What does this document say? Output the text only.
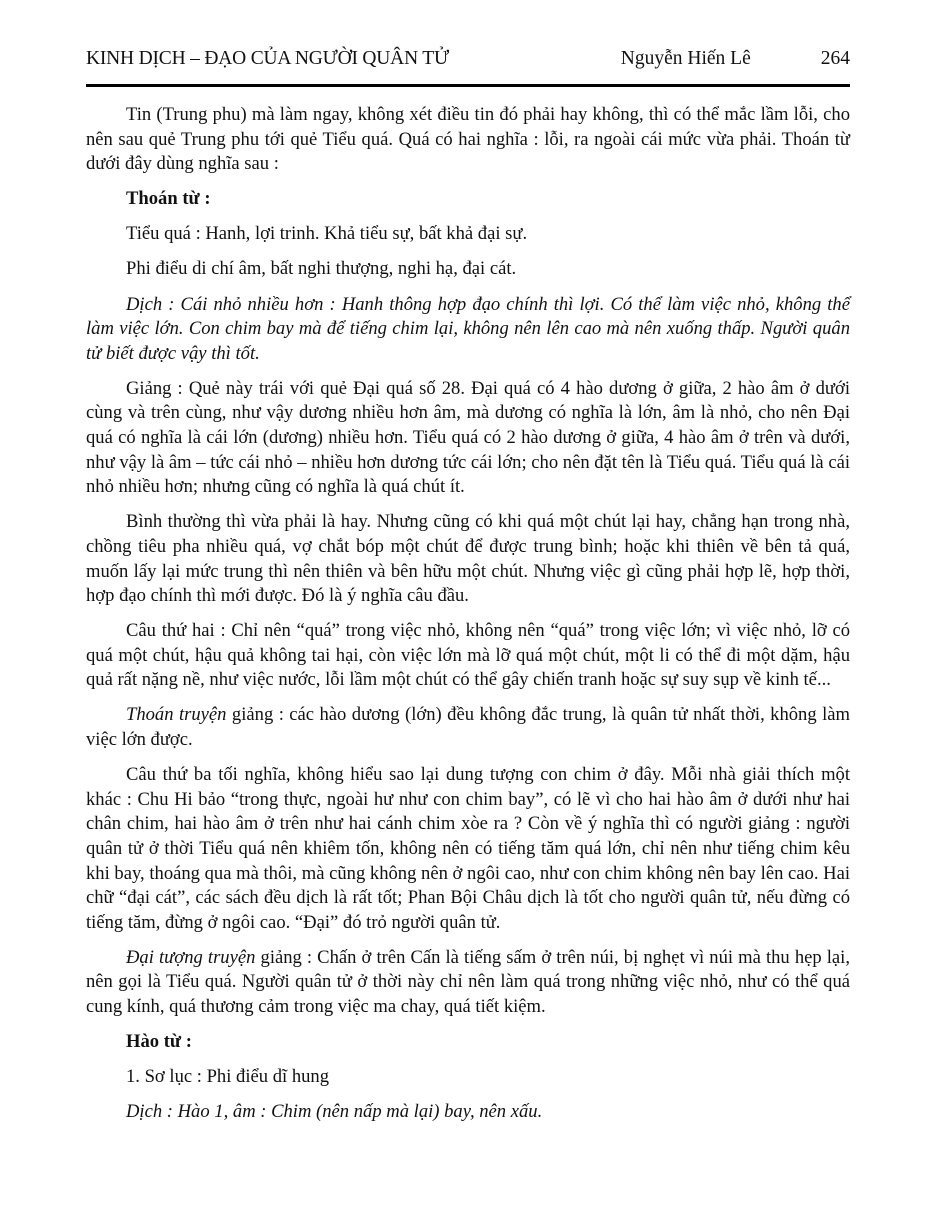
KINH DỊCH – ĐẠO CỦA NGƯỜI QUÂN TỬ	Nguyễn Hiến Lê	264

Tin (Trung phu) mà làm ngay, không xét điều tin đó phải hay không, thì có thể mắc lầm lỗi, cho nên sau quẻ Trung phu tới quẻ Tiểu quá. Quá có hai nghĩa : lỗi, ra ngoài cái mức vừa phải. Thoán từ dưới đây dùng nghĩa sau :

Thoán từ :

Tiểu quá : Hanh, lợi trinh. Khả tiểu sự, bất khả đại sự.

Phi điểu di chí âm, bất nghi thượng, nghi hạ, đại cát.

Dịch : Cái nhỏ nhiều hơn : Hanh thông hợp đạo chính thì lợi. Có thể làm việc nhỏ, không thể làm việc lớn. Con chim bay mà để tiếng chim lại, không nên lên cao mà nên xuống thấp. Người quân tử biết được vậy thì tốt.

Giảng : Quẻ này trái với quẻ Đại quá số 28. Đại quá có 4 hào dương ở giữa, 2 hào âm ở dưới cùng và trên cùng, như vậy dương nhiều hơn âm, mà dương có nghĩa là lớn, âm là nhỏ, cho nên Đại quá có nghĩa là cái lớn (dương) nhiều hơn. Tiểu quá có 2 hào dương ở giữa, 4 hào âm ở trên và dưới, như vậy là âm – tức cái nhỏ – nhiều hơn dương tức cái lớn; cho nên đặt tên là Tiểu quá. Tiểu quá là cái nhỏ nhiều hơn; nhưng cũng có nghĩa là quá chút ít.

Bình thường thì vừa phải là hay. Nhưng cũng có khi quá một chút lại hay, chẳng hạn trong nhà, chồng tiêu pha nhiều quá, vợ chắt bóp một chút để được trung bình; hoặc khi thiên về bên tả quá, muốn lấy lại mức trung thì nên thiên và bên hữu một chút. Nhưng việc gì cũng phải hợp lẽ, hợp thời, hợp đạo chính thì mới được. Đó là ý nghĩa câu đầu.

Câu thứ hai : Chỉ nên “quá” trong việc nhỏ, không nên “quá” trong việc lớn; vì việc nhỏ, lỡ có quá một chút, hậu quả không tai hại, còn việc lớn mà lỡ quá một chút, một li có thể đi một dặm, hậu quả rất nặng nề, như việc nước, lỗi lầm một chút có thể gây chiến tranh hoặc sự suy sụp về kinh tế...

Thoán truyện giảng : các hào dương (lớn) đều không đắc trung, là quân tử nhất thời, không làm việc lớn được.

Câu thứ ba tối nghĩa, không hiểu sao lại dung tượng con chim ở đây. Mỗi nhà giải thích một khác : Chu Hi bảo “trong thực, ngoài hư như con chim bay”, có lẽ vì cho hai hào âm ở dưới như hai chân chim, hai hào âm ở trên như hai cánh chim xòe ra ? Còn về ý nghĩa thì có người giảng : người quân tử ở thời Tiểu quá nên khiêm tốn, không nên có tiếng tăm quá lớn, chỉ nên như tiếng chim kêu khi bay, thoáng qua mà thôi, mà cũng không nên ở ngôi cao, như con chim không nên bay lên cao. Hai chữ “đại cát”, các sách đều dịch là rất tốt; Phan Bội Châu dịch là tốt cho người quân tử, nếu đừng có tiếng tăm, đừng ở ngôi cao. “Đại” đó trỏ người quân tử.

Đại tượng truyện giảng : Chấn ở trên Cấn là tiếng sấm ở trên núi, bị nghẹt vì núi mà thu hẹp lại, nên gọi là Tiểu quá. Người quân tử ở thời này chỉ nên làm quá trong những việc nhỏ, như có thể quá cung kính, quá thương cảm trong việc ma chay, quá tiết kiệm.

Hào từ :

1. Sơ lục : Phi điểu dĩ hung

Dịch : Hào 1, âm : Chim (nên nấp mà lại) bay, nên xấu.
